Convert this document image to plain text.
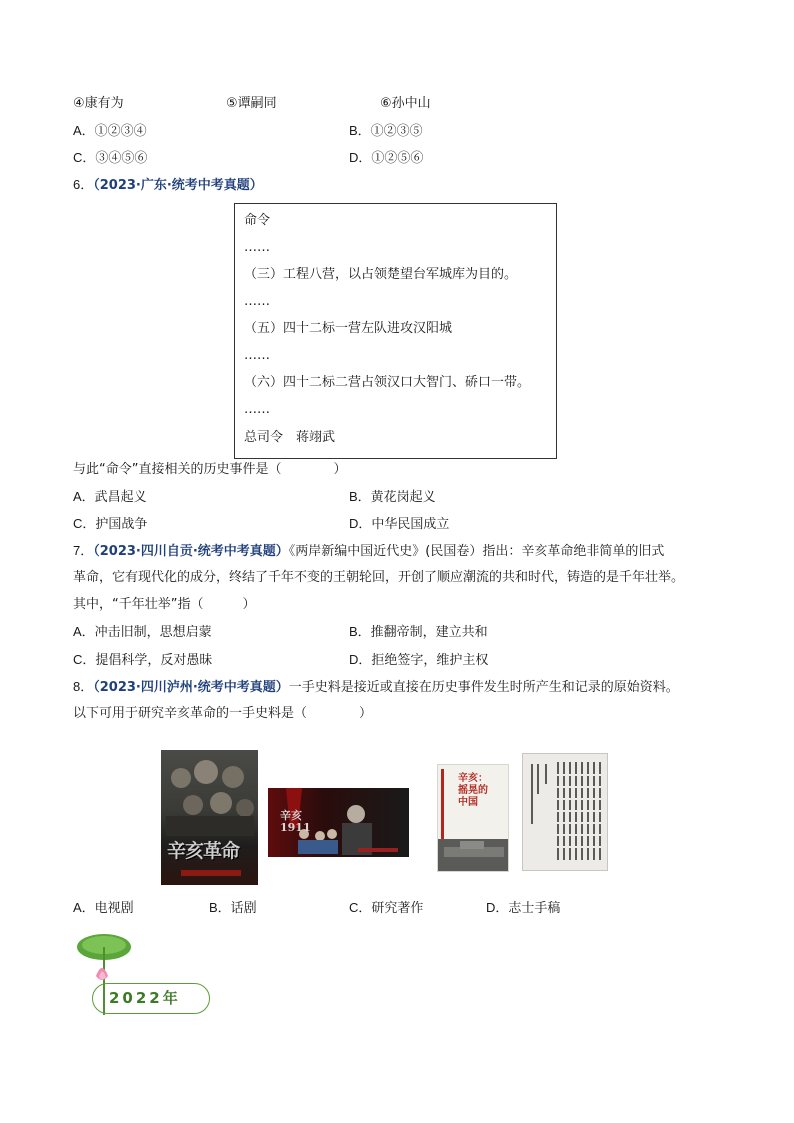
④康有为	⑤谭嗣同	⑥孙中山
A．①②③④	B．①②③⑤
C．③④⑤⑥	D．①②⑤⑥
6．（2023·广东·统考中考真题）
命令
……
（三）工程八营，以占领楚望台军城库为目的。
……
（五）四十二标一营左队进攻汉阳城
……
（六）四十二标二营占领汉口大智门、硚口一带。
……
总司令　蒋翊武
与此“命令”直接相关的历史事件是（　　　　）
A．武昌起义	B．黄花岗起义
C．护国战争	D．中华民国成立
7．（2023·四川自贡·统考中考真题）《两岸新编中国近代史》(民国卷）指出：辛亥革命绝非简单的旧式
革命，它有现代化的成分，终结了千年不变的王朝轮回，开创了顺应潮流的共和时代，铸造的是千年壮举。
其中，“千年壮举”指（　　　）
A．冲击旧制，思想启蒙	B．推翻帝制，建立共和
C．提倡科学，反对愚昧	D．拒绝签字，维护主权
8．（2023·四川泸州·统考中考真题）一手史料是接近或直接在历史事件发生时所产生和记录的原始资料。
以下可用于研究辛亥革命的一手史料是（　　　　）
辛亥革命
辛亥1911
辛亥：摇晃的中国
A．电视剧	B．话剧	C．研究著作	D．志士手稿
2022年
